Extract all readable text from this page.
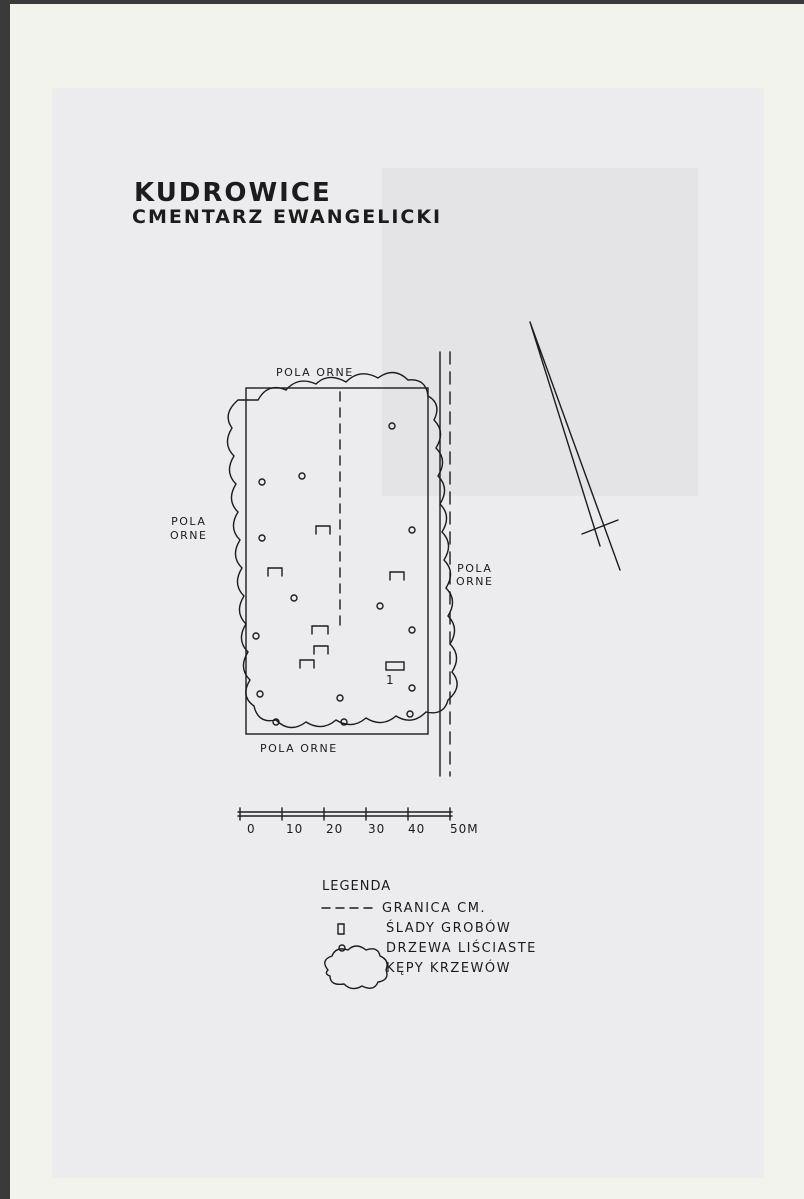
KUDROWICE
CMENTARZ EWANGELICKI
POLA ORNE
POLA ORNE
POLA
ORNE
POLA
ORNE
1
0	10 20 30 40 50M
LEGENDA
GRANICA CM.
ŚLADY GROBÓW
DRZEWA LIŚCIASTE
KĘPY KRZEWÓW
